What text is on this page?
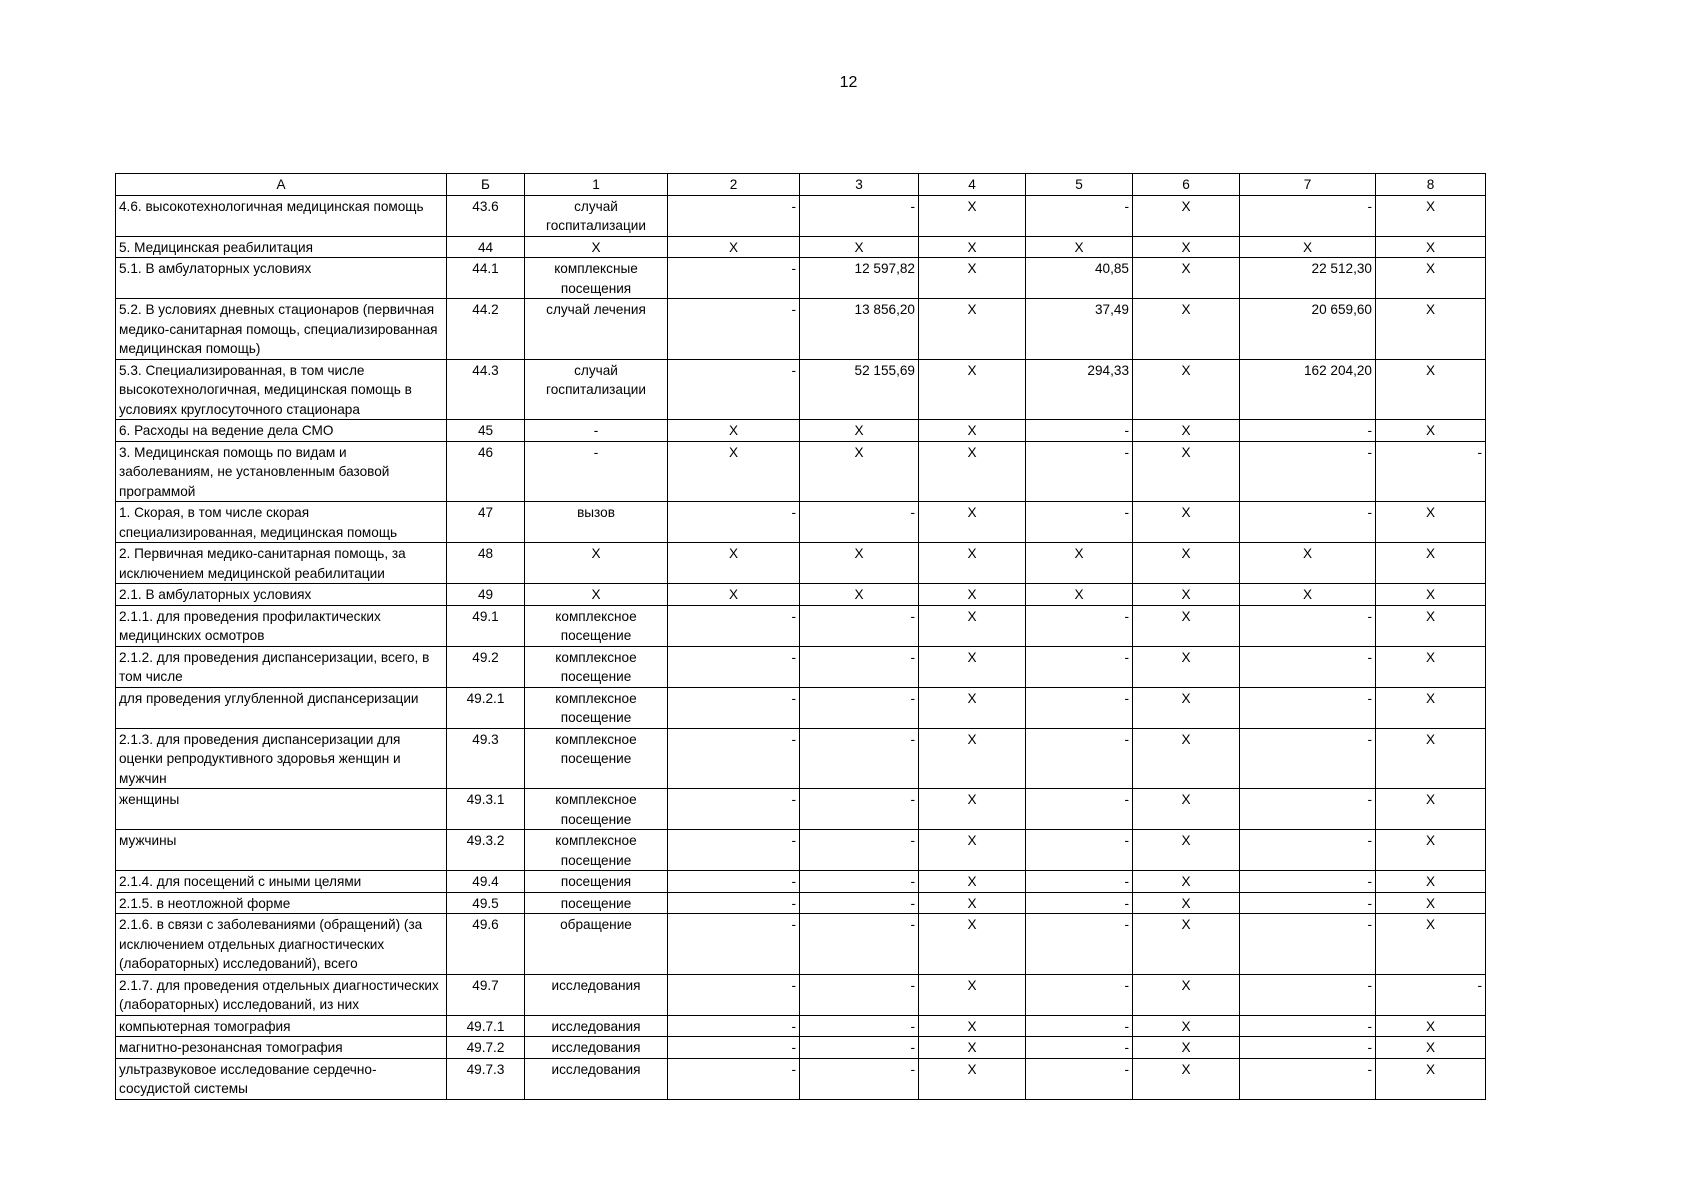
12
А	Б	1	2	3	4	5	6	7	8
4.6. высокотехнологичная медицинская помощь	43.6	случай госпитализации	-	-	X	-	X	-	X
5. Медицинская реабилитация	44	X	X	X	X	X	X	X	X
5.1. В амбулаторных условиях	44.1	комплексные посещения	-	12 597,82	X	40,85	X	22 512,30	X
5.2. В условиях дневных стационаров (первичная медико-санитарная помощь, специализированная медицинская помощь)	44.2	случай лечения	-	13 856,20	X	37,49	X	20 659,60	X
5.3. Специализированная, в том числе высокотехнологичная, медицинская помощь в условиях круглосуточного стационара	44.3	случай госпитализации	-	52 155,69	X	294,33	X	162 204,20	X
6. Расходы на ведение дела СМО	45	-	X	X	X	-	X	-	X
3. Медицинская помощь по видам и заболеваниям, не установленным базовой программой	46	-	X	X	X	-	X	-	-
1. Скорая, в том числе скорая специализированная, медицинская помощь	47	вызов	-	-	X	-	X	-	X
2. Первичная медико-санитарная помощь, за исключением медицинской реабилитации	48	X	X	X	X	X	X	X	X
2.1. В амбулаторных условиях	49	X	X	X	X	X	X	X	X
2.1.1. для проведения профилактических медицинских осмотров	49.1	комплексное посещение	-	-	X	-	X	-	X
2.1.2. для проведения диспансеризации, всего, в том числе	49.2	комплексное посещение	-	-	X	-	X	-	X
для проведения углубленной диспансеризации	49.2.1	комплексное посещение	-	-	X	-	X	-	X
2.1.3. для проведения диспансеризации для оценки репродуктивного здоровья женщин и мужчин	49.3	комплексное посещение	-	-	X	-	X	-	X
женщины	49.3.1	комплексное посещение	-	-	X	-	X	-	X
мужчины	49.3.2	комплексное посещение	-	-	X	-	X	-	X
2.1.4. для посещений с иными целями	49.4	посещения	-	-	X	-	X	-	X
2.1.5. в неотложной форме	49.5	посещение	-	-	X	-	X	-	X
2.1.6. в связи с заболеваниями (обращений) (за исключением отдельных диагностических (лабораторных) исследований), всего	49.6	обращение	-	-	X	-	X	-	X
2.1.7. для проведения отдельных диагностических (лабораторных) исследований, из них	49.7	исследования	-	-	X	-	X	-	-
компьютерная томография	49.7.1	исследования	-	-	X	-	X	-	X
магнитно-резонансная томография	49.7.2	исследования	-	-	X	-	X	-	X
ультразвуковое исследование сердечно-сосудистой системы	49.7.3	исследования	-	-	X	-	X	-	X
